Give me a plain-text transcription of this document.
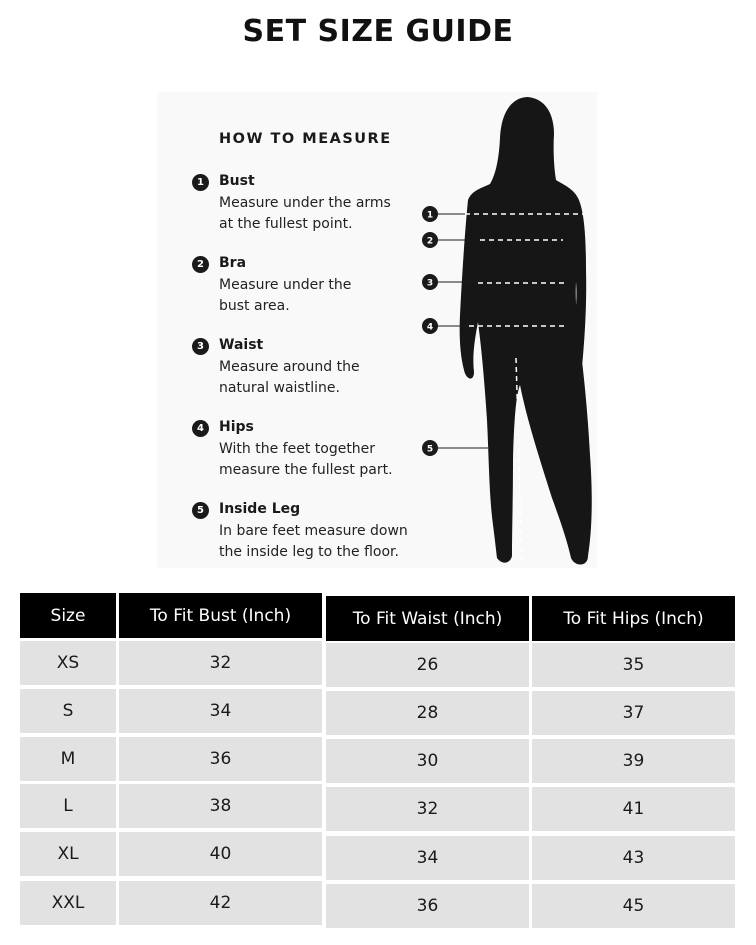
SET SIZE GUIDE
HOW TO MEASURE
1	Bust
Measure under the arms
at the fullest point.
2	Bra
Measure under the
bust area.
3	Waist
Measure around the
natural waistline.
4	Hips
With the feet together
measure the fullest part.
5	Inside Leg
In bare feet measure down
the inside leg to the floor.
1
2
3
4
5
Size	To Fit Bust (Inch)	To Fit Waist (Inch)	To Fit Hips (Inch)
XS	32	26	35
S	34	28	37
M	36	30	39
L	38	32	41
XL	40	34	43
XXL	42	36	45
